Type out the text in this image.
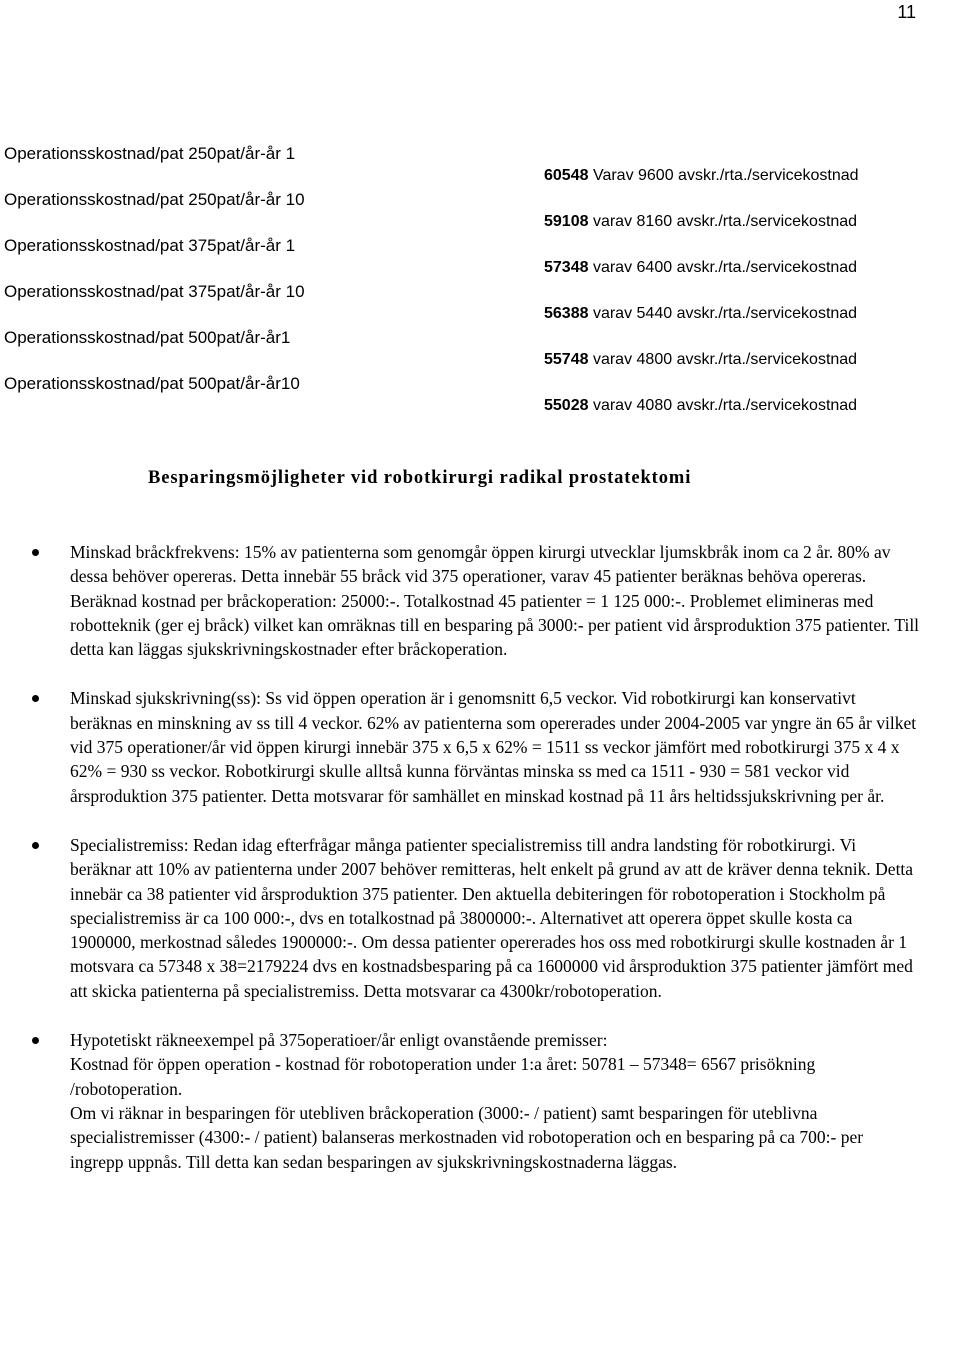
11
Operationsskostnad/pat 250pat/år-år 1
60548 Varav 9600 avskr./rta./servicekostnad
Operationsskostnad/pat 250pat/år-år 10
59108 varav 8160 avskr./rta./servicekostnad
Operationsskostnad/pat 375pat/år-år 1
57348 varav 6400 avskr./rta./servicekostnad
Operationsskostnad/pat 375pat/år-år 10
56388 varav 5440 avskr./rta./servicekostnad
Operationsskostnad/pat 500pat/år-år1
55748 varav 4800 avskr./rta./servicekostnad
Operationsskostnad/pat 500pat/år-år10
55028 varav 4080 avskr./rta./servicekostnad
Besparingsmöjligheter vid robotkirurgi radikal prostatektomi

Minskad bråckfrekvens: 15% av patienterna som genomgår öppen kirurgi utvecklar ljumskbråk inom ca 2 år. 80% av dessa behöver opereras. Detta innebär 55 bråck vid 375 operationer, varav 45 patienter beräknas behöva opereras. Beräknad kostnad per bråckoperation: 25000:-. Totalkostnad 45 patienter = 1 125 000:-. Problemet elimineras med robotteknik (ger ej bråck) vilket kan omräknas till en besparing på 3000:- per patient vid årsproduktion 375 patienter. Till detta kan läggas sjukskrivningskostnader efter bråckoperation.

Minskad sjukskrivning(ss): Ss vid öppen operation är i genomsnitt 6,5 veckor. Vid robotkirurgi kan konservativt beräknas en minskning av ss till 4 veckor. 62% av patienterna som opererades under 2004-2005 var yngre än 65 år vilket vid 375 operationer/år vid öppen kirurgi innebär 375 x 6,5 x 62% = 1511 ss veckor jämfört med robotkirurgi 375 x 4 x 62% = 930 ss veckor. Robotkirurgi skulle alltså kunna förväntas minska ss med ca 1511 - 930 = 581 veckor vid årsproduktion 375 patienter. Detta motsvarar för samhället en minskad kostnad på 11 års heltidssjukskrivning per år.

Specialistremiss: Redan idag efterfrågar många patienter specialistremiss till andra landsting för robotkirurgi. Vi beräknar att 10% av patienterna under 2007 behöver remitteras, helt enkelt på grund av att de kräver denna teknik. Detta innebär ca 38 patienter vid årsproduktion 375 patienter. Den aktuella debiteringen för robotoperation i Stockholm på specialistremiss är ca 100 000:-, dvs en totalkostnad på 3800000:-. Alternativet att operera öppet skulle kosta ca 1900000, merkostnad således 1900000:-. Om dessa patienter opererades hos oss med robotkirurgi skulle kostnaden år 1 motsvara ca 57348 x 38=2179224 dvs en kostnadsbesparing på ca 1600000 vid årsproduktion 375 patienter jämfört med att skicka patienterna på specialistremiss. Detta motsvarar ca 4300kr/robotoperation.

Hypotetiskt räkneexempel på 375operatioer/år enligt ovanstående premisser:

Kostnad för öppen operation - kostnad för robotoperation under 1:a året: 50781 – 57348= 6567 prisökning /robotoperation.

Om vi räknar in besparingen för utebliven bråckoperation (3000:- / patient) samt besparingen för uteblivna specialistremisser (4300:- / patient) balanseras merkostnaden vid robotoperation och en besparing på ca 700:- per ingrepp uppnås. Till detta kan sedan besparingen av sjukskrivningskostnaderna läggas.
